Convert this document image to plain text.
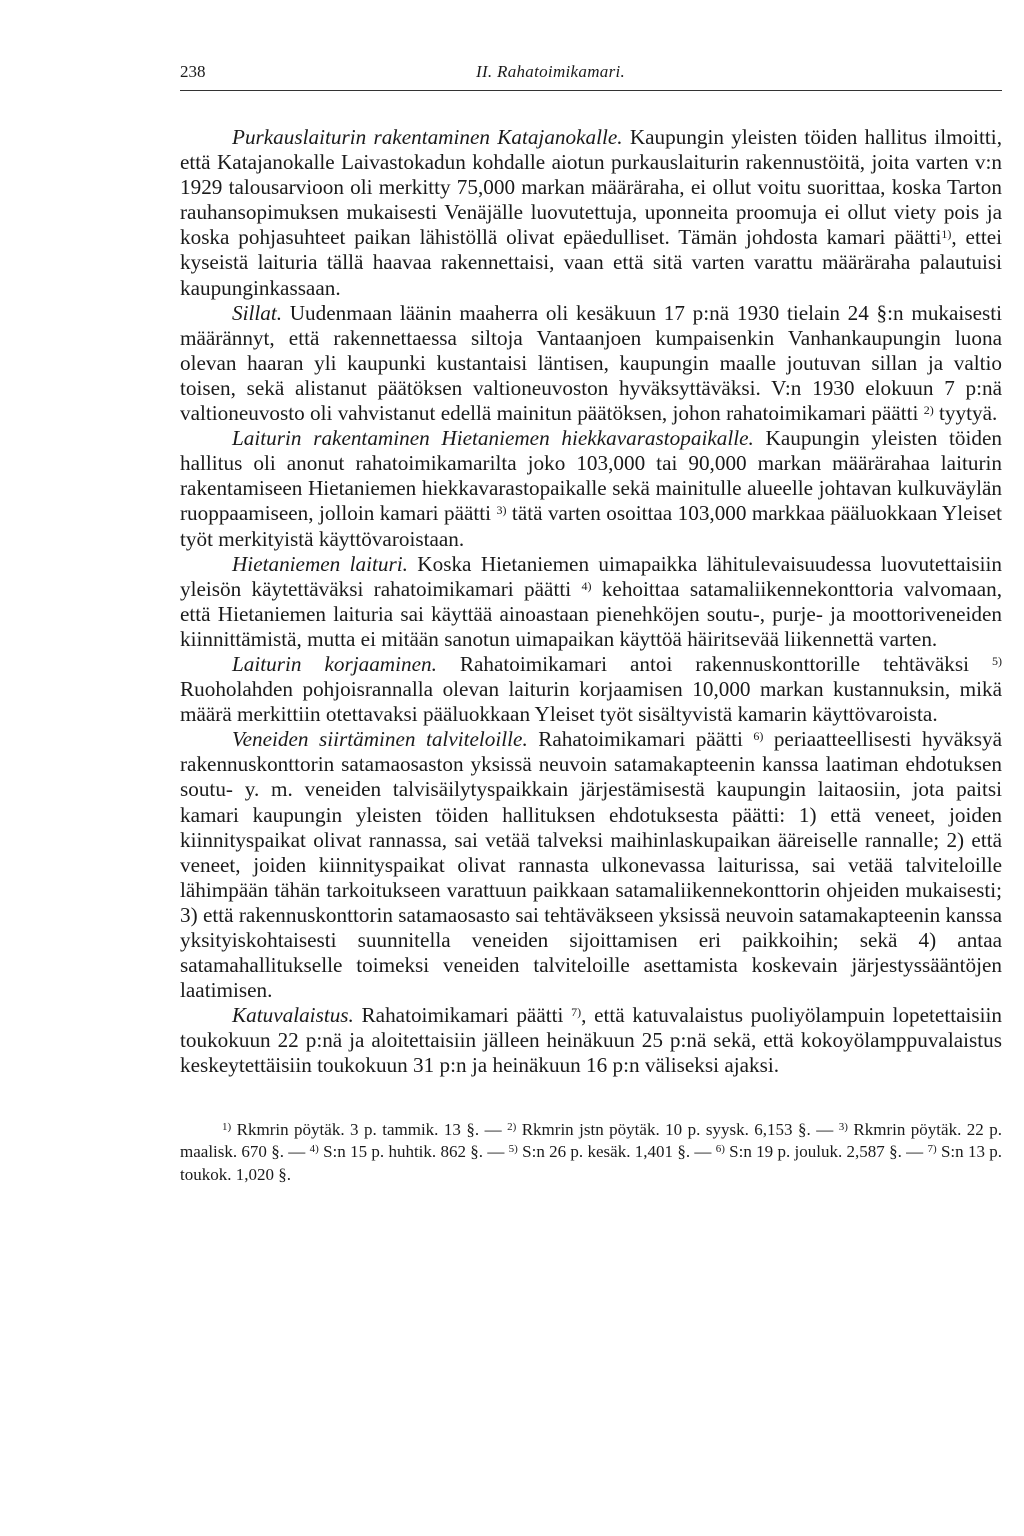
238	II. Rahatoimikamari.

Purkauslaiturin rakentaminen Katajanokalle. Kaupungin yleisten töiden hallitus ilmoitti, että Katajanokalle Laivastokadun kohdalle aiotun purkauslaiturin rakennustöitä, joita varten v:n 1929 talousarvioon oli merkitty 75,000 markan määräraha, ei ollut voitu suorittaa, koska Tarton rauhansopimuksen mukaisesti Venäjälle luovutettuja, uponneita proomuja ei ollut viety pois ja koska pohjasuhteet paikan lähistöllä olivat epäedulliset. Tämän johdosta kamari päätti$^{1)}$, ettei kyseistä laituria tällä haavaa rakennettaisi, vaan että sitä varten varattu määräraha palautuisi kaupunginkassaan.

Sillat. Uudenmaan läänin maaherra oli kesäkuun 17 p:nä 1930 tielain 24 §:n mukaisesti määrännyt, että rakennettaessa siltoja Vantaanjoen kumpaisenkin Vanhankaupungin luona olevan haaran yli kaupunki kustantaisi läntisen, kaupungin maalle joutuvan sillan ja valtio toisen, sekä alistanut päätöksen valtioneuvoston hyväksyttäväksi. V:n 1930 elokuun 7 p:nä valtioneuvosto oli vahvistanut edellä mainitun päätöksen, johon rahatoimikamari päätti $^{2)}$ tyytyä.

Laiturin rakentaminen Hietaniemen hiekkavarastopaikalle. Kaupungin yleisten töiden hallitus oli anonut rahatoimikamarilta joko 103,000 tai 90,000 markan määrärahaa laiturin rakentamiseen Hietaniemen hiekkavarastopaikalle sekä mainitulle alueelle johtavan kulkuväylän ruoppaamiseen, jolloin kamari päätti $^{3)}$ tätä varten osoittaa 103,000 markkaa pääluokkaan Yleiset työt merkityistä käyttövaroistaan.

Hietaniemen laituri. Koska Hietaniemen uimapaikka lähitulevaisuudessa luovutettaisiin yleisön käytettäväksi rahatoimikamari päätti $^{4)}$ kehoittaa satamaliikennekonttoria valvomaan, että Hietaniemen laituria sai käyttää ainoastaan pienehköjen soutu-, purje- ja moottoriveneiden kiinnittämistä, mutta ei mitään sanotun uimapaikan käyttöä häiritsevää liikennettä varten.

Laiturin korjaaminen. Rahatoimikamari antoi rakennuskonttorille tehtäväksi $^{5)}$ Ruoholahden pohjoisrannalla olevan laiturin korjaamisen 10,000 markan kustannuksin, mikä määrä merkittiin otettavaksi pääluokkaan Yleiset työt sisältyvistä kamarin käyttövaroista.

Veneiden siirtäminen talviteloille. Rahatoimikamari päätti $^{6)}$ periaatteellisesti hyväksyä rakennuskonttorin satamaosaston yksissä neuvoin satamakapteenin kanssa laatiman ehdotuksen soutu- y. m. veneiden talvisäilytyspaikkain järjestämisestä kaupungin laitaosiin, jota paitsi kamari kaupungin yleisten töiden hallituksen ehdotuksesta päätti: 1) että veneet, joiden kiinnityspaikat olivat rannassa, sai vetää talveksi maihinlaskupaikan ääreiselle rannalle; 2) että veneet, joiden kiinnityspaikat olivat rannasta ulkonevassa laiturissa, sai vetää talviteloille lähimpään tähän tarkoitukseen varattuun paikkaan satamaliikennekonttorin ohjeiden mukaisesti; 3) että rakennuskonttorin satamaosasto sai tehtäväkseen yksissä neuvoin satamakapteenin kanssa yksityiskohtaisesti suunnitella veneiden sijoittamisen eri paikkoihin; sekä 4) antaa satamahallitukselle toimeksi veneiden talviteloille asettamista koskevain järjestyssääntöjen laatimisen.

Katuvalaistus. Rahatoimikamari päätti $^{7)}$, että katuvalaistus puoliyölampuin lopetettaisiin toukokuun 22 p:nä ja aloitettaisiin jälleen heinäkuun 25 p:nä sekä, että kokoyölamppuvalaistus keskeytettäisiin toukokuun 31 p:n ja heinäkuun 16 p:n väliseksi ajaksi.

$^{1)}$ Rkmrin pöytäk. 3 p. tammik. 13 §. — $^{2)}$ Rkmrin jstn pöytäk. 10 p. syysk. 6,153 §. — $^{3)}$ Rkmrin pöytäk. 22 p. maalisk. 670 §. — $^{4)}$ S:n 15 p. huhtik. 862 §. — $^{5)}$ S:n 26 p. kesäk. 1,401 §. — $^{6)}$ S:n 19 p. jouluk. 2,587 §. — $^{7)}$ S:n 13 p. toukok. 1,020 §.
